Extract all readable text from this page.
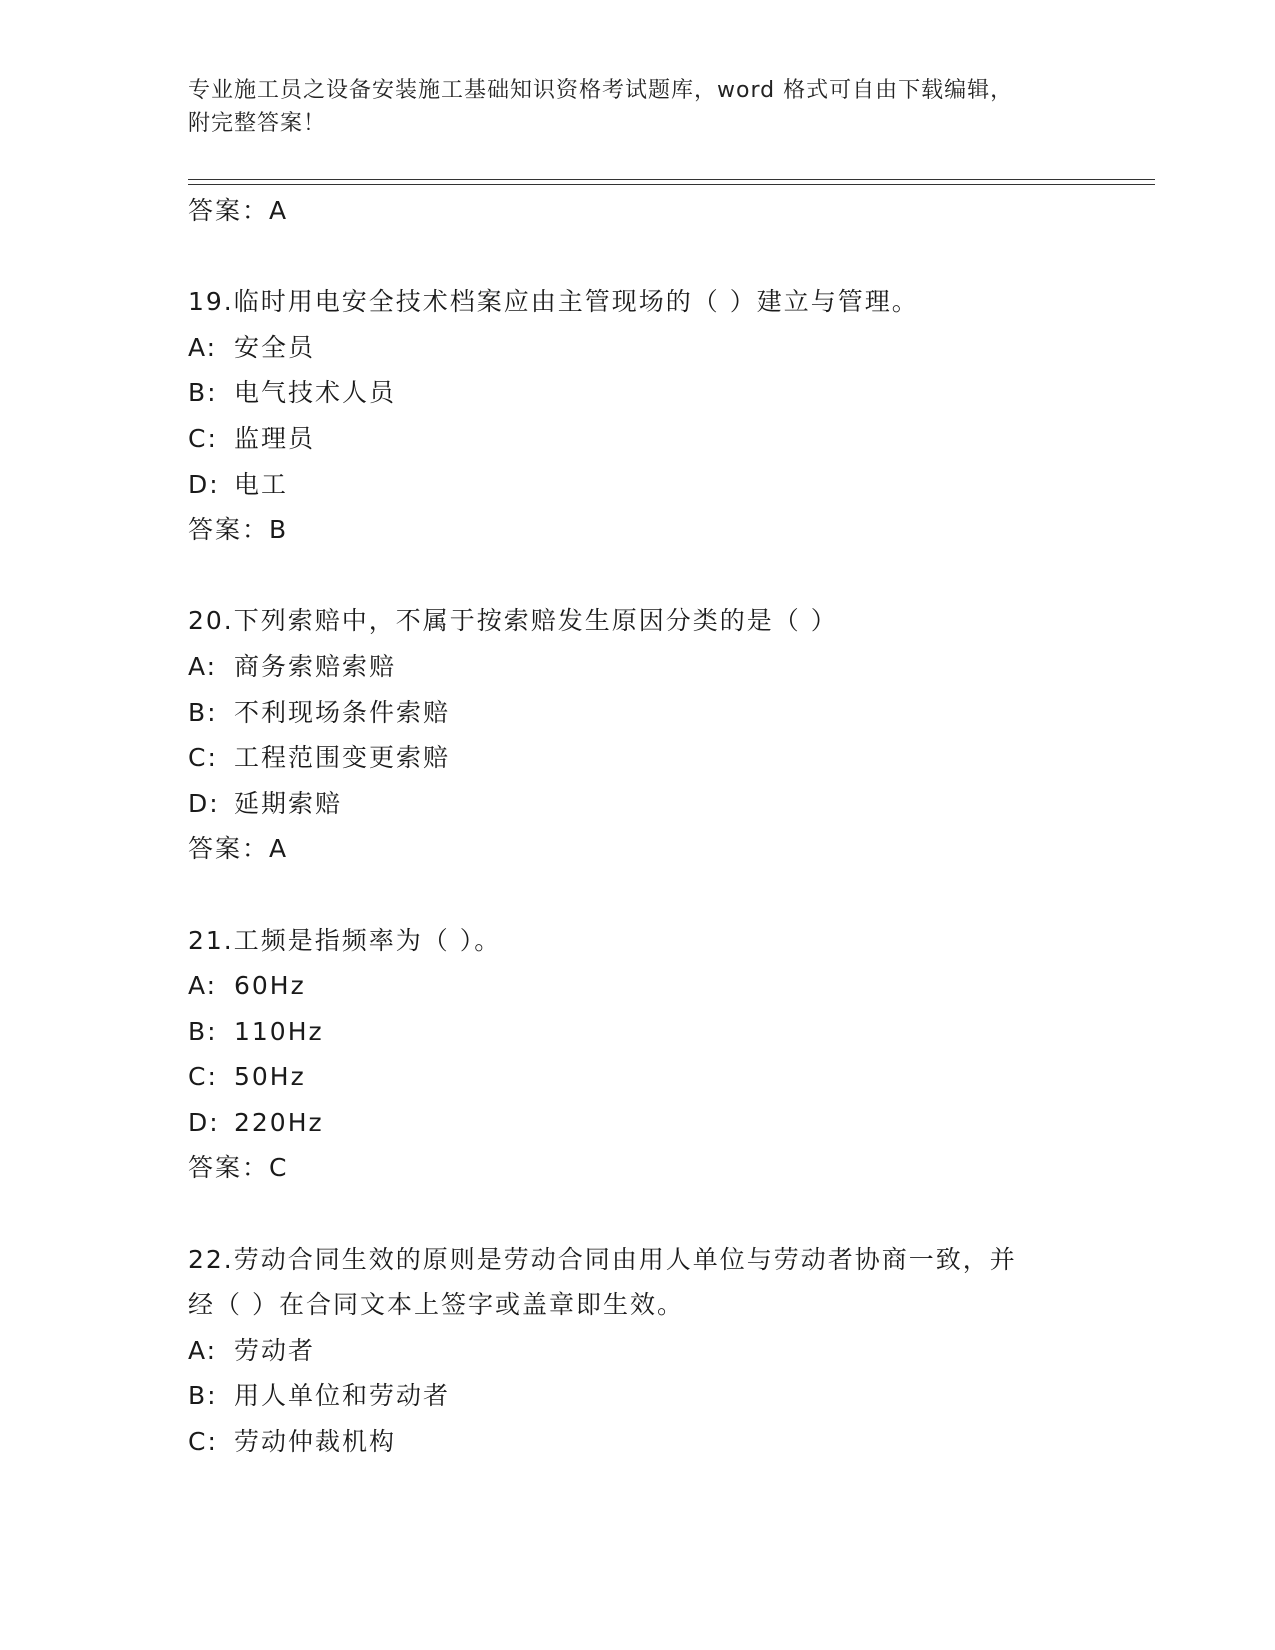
专业施工员之设备安装施工基础知识资格考试题库，word 格式可自由下载编辑，
附完整答案！
答案：A
19.临时用电安全技术档案应由主管现场的（ ）建立与管理。
A: 安全员
B: 电气技术人员
C: 监理员
D: 电工
答案：B
20.下列索赔中，不属于按索赔发生原因分类的是（ ）
A: 商务索赔索赔
B: 不利现场条件索赔
C: 工程范围变更索赔
D: 延期索赔
答案：A
21.工频是指频率为（ ）。
A: 60Hz
B: 110Hz
C: 50Hz
D: 220Hz
答案：C
22.劳动合同生效的原则是劳动合同由用人单位与劳动者协商一致，并
经（ ）在合同文本上签字或盖章即生效。
A: 劳动者
B: 用人单位和劳动者
C: 劳动仲裁机构
